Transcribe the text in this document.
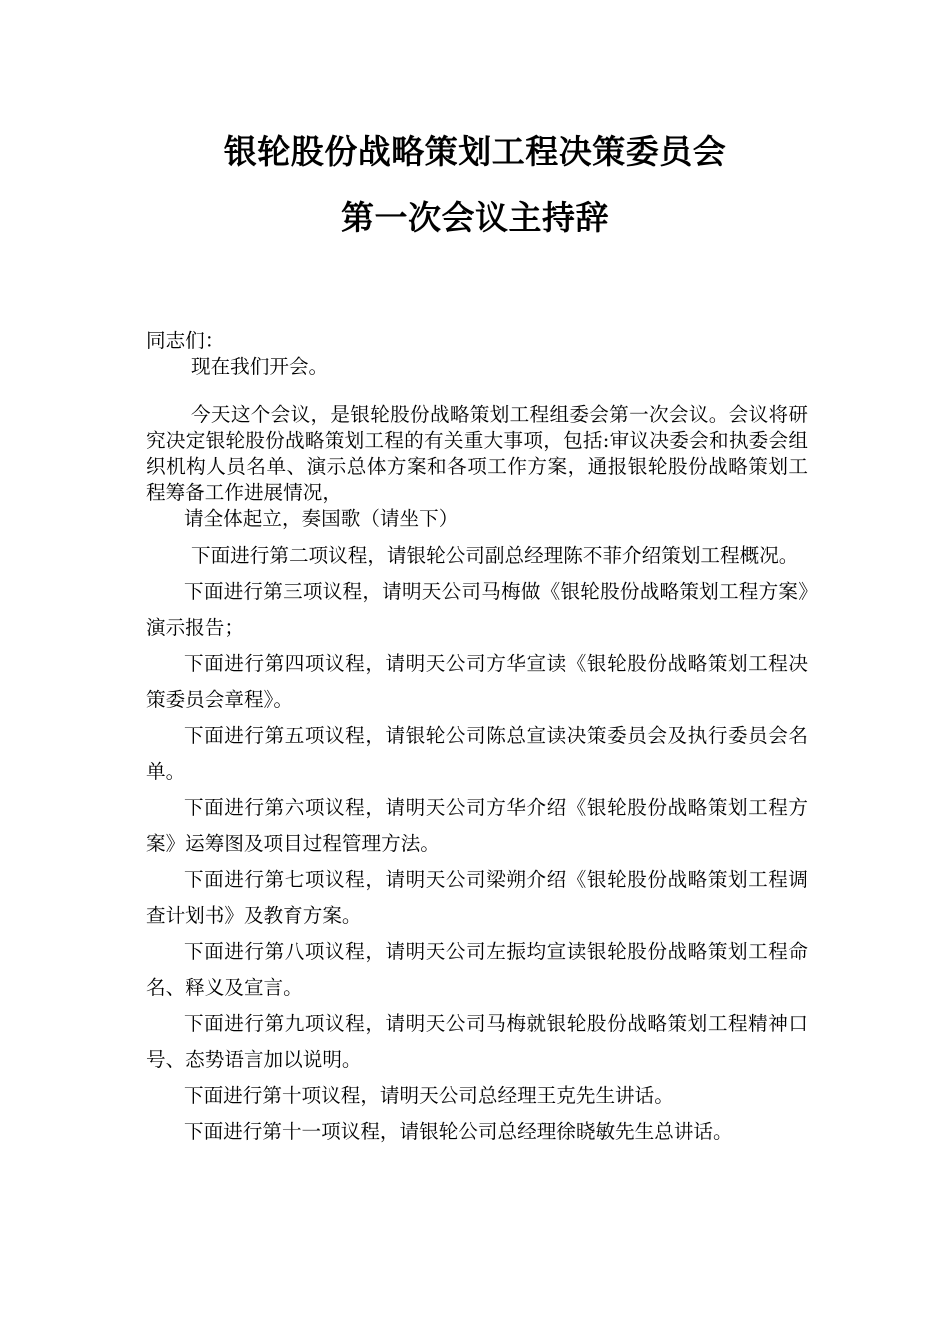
银轮股份战略策划工程决策委员会
第一次会议主持辞

同志们：

现在我们开会。

今天这个会议，是银轮股份战略策划工程组委会第一次会议。会议将研究决定银轮股份战略策划工程的有关重大事项，包括:审议决委会和执委会组织机构人员名单、演示总体方案和各项工作方案，通报银轮股份战略策划工程筹备工作进展情况，

请全体起立，奏国歌（请坐下）

下面进行第二项议程，请银轮公司副总经理陈不菲介绍策划工程概况。

下面进行第三项议程，请明天公司马梅做《银轮股份战略策划工程方案》演示报告；

下面进行第四项议程，请明天公司方华宣读《银轮股份战略策划工程决策委员会章程》。

下面进行第五项议程，请银轮公司陈总宣读决策委员会及执行委员会名单。

下面进行第六项议程，请明天公司方华介绍《银轮股份战略策划工程方案》运筹图及项目过程管理方法。

下面进行第七项议程，请明天公司梁朔介绍《银轮股份战略策划工程调查计划书》及教育方案。

下面进行第八项议程，请明天公司左振均宣读银轮股份战略策划工程命名、释义及宣言。

下面进行第九项议程，请明天公司马梅就银轮股份战略策划工程精神口号、态势语言加以说明。

下面进行第十项议程，请明天公司总经理王克先生讲话。

下面进行第十一项议程，请银轮公司总经理徐晓敏先生总讲话。
